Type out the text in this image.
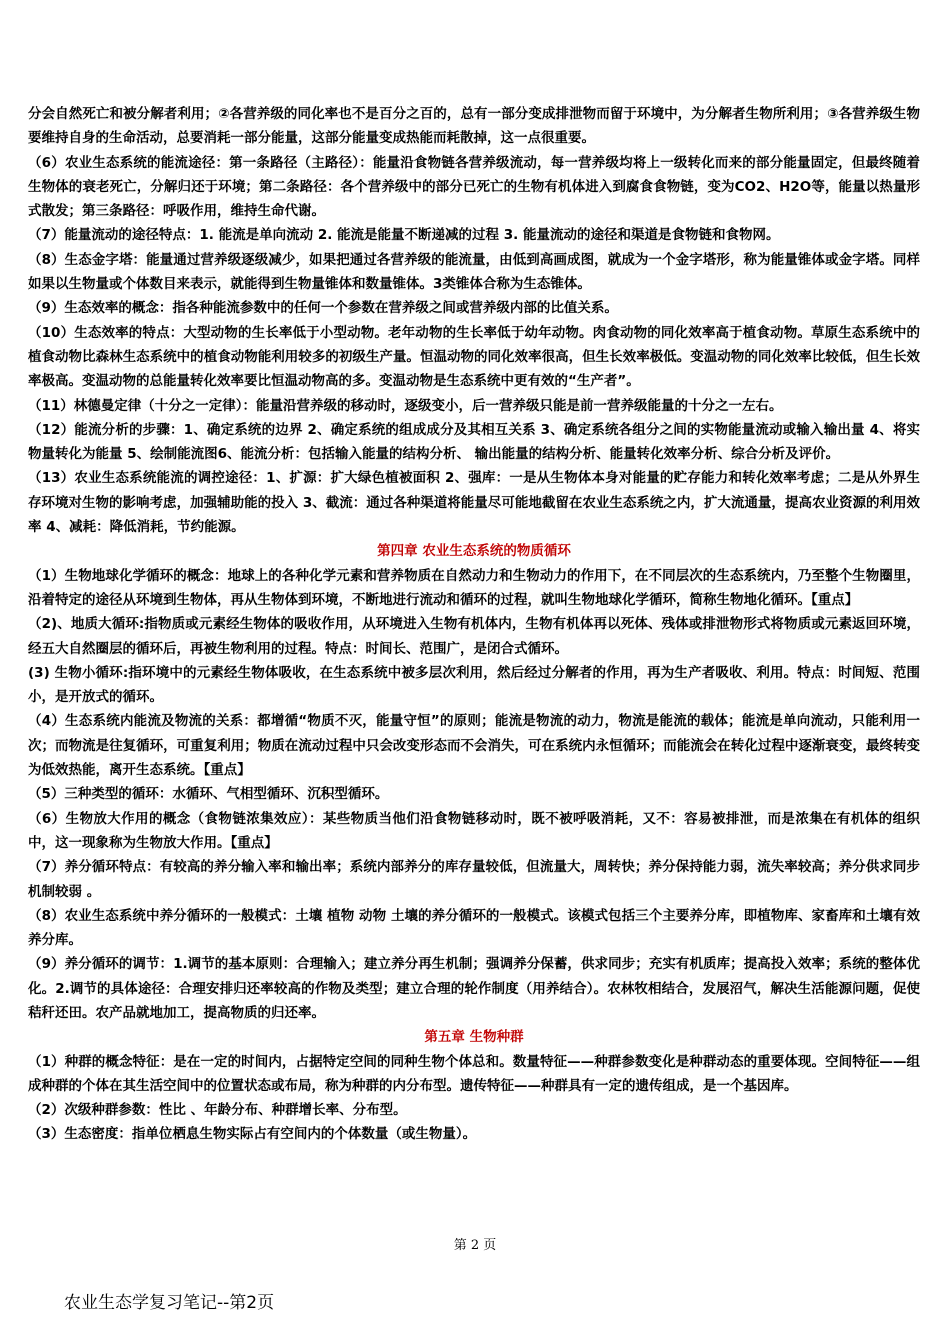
分会自然死亡和被分解者利用；②各营养级的同化率也不是百分之百的，总有一部分变成排泄物而留于环境中，为分解者生物所利用；③各营养级生物要维持自身的生命活动，总要消耗一部分能量，这部分能量变成热能而耗散掉，这一点很重要。

（6）农业生态系统的能流途径：第一条路径（主路径）：能量沿食物链各营养级流动，每一营养级均将上一级转化而来的部分能量固定，但最终随着生物体的衰老死亡，分解归还于环境；第二条路径：各个营养级中的部分已死亡的生物有机体进入到腐食食物链，变为CO2、H2O等，能量以热量形式散发；第三条路径：呼吸作用，维持生命代谢。

（7）能量流动的途径特点：1. 能流是单向流动 2. 能流是能量不断递减的过程 3. 能量流动的途径和渠道是食物链和食物网。

（8）生态金字塔：能量通过营养级逐级减少，如果把通过各营养级的能流量，由低到高画成图，就成为一个金字塔形，称为能量锥体或金字塔。同样如果以生物量或个体数目来表示，就能得到生物量锥体和数量锥体。3类锥体合称为生态锥体。

（9）生态效率的概念：指各种能流参数中的任何一个参数在营养级之间或营养级内部的比值关系。

（10）生态效率的特点：大型动物的生长率低于小型动物。老年动物的生长率低于幼年动物。肉食动物的同化效率高于植食动物。草原生态系统中的植食动物比森林生态系统中的植食动物能利用较多的初级生产量。恒温动物的同化效率很高，但生长效率极低。变温动物的同化效率比较低，但生长效率极高。变温动物的总能量转化效率要比恒温动物高的多。变温动物是生态系统中更有效的“生产者”。

（11）林德曼定律（十分之一定律）：能量沿营养级的移动时，逐级变小，后一营养级只能是前一营养级能量的十分之一左右。

（12）能流分析的步骤：1、确定系统的边界 2、确定系统的组成成分及其相互关系 3、确定系统各组分之间的实物能量流动或输入输出量 4、将实物量转化为能量 5、绘制能流图6、能流分析：包括输入能量的结构分析、 输出能量的结构分析、能量转化效率分析、综合分析及评价。

（13）农业生态系统能流的调控途径：1、扩源：扩大绿色植被面积 2、强库：一是从生物体本身对能量的贮存能力和转化效率考虑；二是从外界生存环境对生物的影响考虑，加强辅助能的投入 3、截流：通过各种渠道将能量尽可能地截留在农业生态系统之内，扩大流通量，提高农业资源的利用效率 4、减耗：降低消耗，节约能源。

第四章 农业生态系统的物质循环

（1）生物地球化学循环的概念：地球上的各种化学元素和营养物质在自然动力和生物动力的作用下，在不同层次的生态系统内，乃至整个生物圈里，沿着特定的途径从环境到生物体，再从生物体到环境，不断地进行流动和循环的过程，就叫生物地球化学循环，简称生物地化循环。【重点】

（2)、地质大循环:指物质或元素经生物体的吸收作用，从环境进入生物有机体内，生物有机体再以死体、残体或排泄物形式将物质或元素返回环境，经五大自然圈层的循环后，再被生物利用的过程。特点：时间长、范围广，是闭合式循环。

(3) 生物小循环:指环境中的元素经生物体吸收，在生态系统中被多层次利用，然后经过分解者的作用，再为生产者吸收、利用。特点：时间短、范围小，是开放式的循环。

（4）生态系统内能流及物流的关系：都增循“物质不灭，能量守恒”的原则；能流是物流的动力，物流是能流的载体；能流是单向流动，只能利用一次；而物流是往复循环，可重复利用；物质在流动过程中只会改变形态而不会消失，可在系统内永恒循环；而能流会在转化过程中逐渐衰变，最终转变为低效热能，离开生态系统。【重点】

（5）三种类型的循环：水循环、气相型循环、沉积型循环。

（6）生物放大作用的概念（食物链浓集效应）：某些物质当他们沿食物链移动时，既不被呼吸消耗，又不：容易被排泄，而是浓集在有机体的组织中，这一现象称为生物放大作用。【重点】

（7）养分循环特点：有较高的养分输入率和输出率；系统内部养分的库存量较低，但流量大，周转快；养分保持能力弱，流失率较高；养分供求同步机制较弱 。

（8）农业生态系统中养分循环的一般模式：土壤 植物 动物 土壤的养分循环的一般模式。该模式包括三个主要养分库，即植物库、家畜库和土壤有效养分库。

（9）养分循环的调节：1.调节的基本原则：合理输入；建立养分再生机制；强调养分保蓄，供求同步；充实有机质库；提高投入效率；系统的整体优化。2.调节的具体途径：合理安排归还率较高的作物及类型；建立合理的轮作制度（用养结合）。农林牧相结合，发展沼气，解决生活能源问题，促使秸秆还田。农产品就地加工，提高物质的归还率。

第五章 生物种群

（1）种群的概念特征：是在一定的时间内，占据特定空间的同种生物个体总和。数量特征——种群参数变化是种群动态的重要体现。空间特征——组成种群的个体在其生活空间中的位置状态或布局，称为种群的内分布型。遗传特征——种群具有一定的遗传组成，是一个基因库。

（2）次级种群参数：性比 、年龄分布、种群增长率、分布型。

（3）生态密度：指单位栖息生物实际占有空间内的个体数量（或生物量）。

第 2 页
农业生态学复习笔记--第2页
